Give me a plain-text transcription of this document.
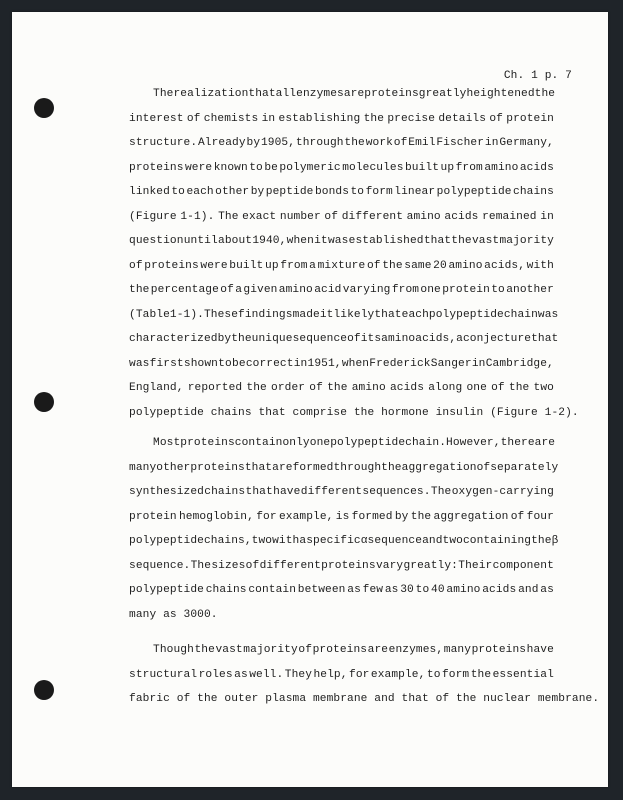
Ch. 1 p. 7
The realization that all enzymes are proteins greatly heightened the
interest of chemists in establishing the precise details of protein
structure. Already by 1905, through the work of Emil Fischer in Germany,
proteins were known to be polymeric molecules built up from amino acids
linked to each other by peptide bonds to form linear polypeptide chains
(Figure 1-1). The exact number of different amino acids remained in
question until about 1940, when it was established that the vast majority
of proteins were built up from a mixture of the same 20 amino acids, with
the percentage of a given amino acid varying from one protein to another
(Table 1-1). These findings made it likely that each polypeptide chain was
characterized by the unique sequence of its amino acids, a conjecture that
was first shown to be correct in 1951, when Frederick Sanger in Cambridge,
England, reported the order of the amino acids along one of the two
polypeptide chains that comprise the hormone insulin (Figure 1-2).
Most proteins contain only one polypeptide chain. However, there are
many other proteins that are formed through the aggregation of separately
synthesized chains that have different sequences. The oxygen-carrying
protein hemoglobin, for example, is formed by the aggregation of four
polypeptide chains, two with a specific α sequence and two containing the β
sequence. The sizes of different proteins vary greatly: Their component
polypeptide chains contain between as few as 30 to 40 amino acids and as
many as 3000.
Though the vast majority of proteins are enzymes, many proteins have
structural roles as well. They help, for example, to form the essential
fabric of the outer plasma membrane and that of the nuclear membrane.
